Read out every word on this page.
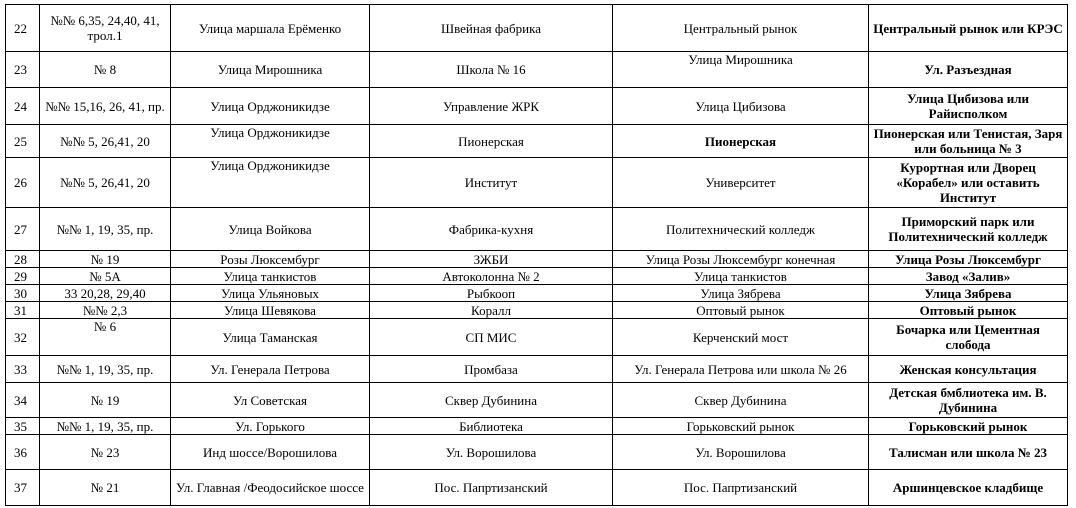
22	№№ 6,35, 24,40, 41, трол.1	Улица маршала Ерёменко	Швейная фабрика	Центральный рынок	Центральный рынок или КРЭС
23	№ 8	Улица Мирошника	Школа № 16	Улица Мирошника	Ул. Разъездная
24	№№ 15,16, 26, 41, пр.	Улица Орджоникидзе	Управление ЖРК	Улица Цибизова	Улица Цибизова или Райисполком
25	№№ 5, 26,41, 20	Улица Орджоникидзе	Пионерская	Пионерская	Пионерская или Тенистая, Заря или больница № 3
26	№№ 5, 26,41, 20	Улица Орджоникидзе	Институт	Университет	Курортная или Дворец «Корабел» или оставить Институт
27	№№ 1, 19, 35, пр.	Улица Войкова	Фабрика-кухня	Политехнический колледж	Приморский парк или Политехнический колледж
28	№ 19	Розы Люксембург	ЗЖБИ	Улица Розы Люксембург конечная	Улица Розы Люксембург
29	№ 5А	Улица танкистов	Автоколонна № 2	Улица танкистов	Завод «Залив»
30	33 20,28, 29,40	Улица Ульяновых	Рыбкооп	Улица Зябрева	Улица Зябрева
31	№№ 2,3	Улица Шевякова	Коралл	Оптовый рынок	Оптовый рынок
32	№ 6	Улица Таманская	СП МИС	Керченский мост	Бочарка или Цементная слобода
33	№№ 1, 19, 35, пр.	Ул. Генерала Петрова	Промбаза	Ул. Генерала Петрова или школа № 26	Женская консультация
34	№ 19	Ул Советская	Сквер Дубинина	Сквер Дубинина	Детская бмблиотека им. В. Дубинина
35	№№ 1, 19, 35, пр.	Ул. Горького	Библиотека	Горьковский рынок	Горьковский рынок
36	№ 23	Инд шоссе/Ворошилова	Ул. Ворошилова	Ул. Ворошилова	Талисман или школа № 23
37	№ 21	Ул. Главная /Феодосийское шоссе	Пос. Папртизанский	Пос. Папртизанский	Аршинцевское кладбище
